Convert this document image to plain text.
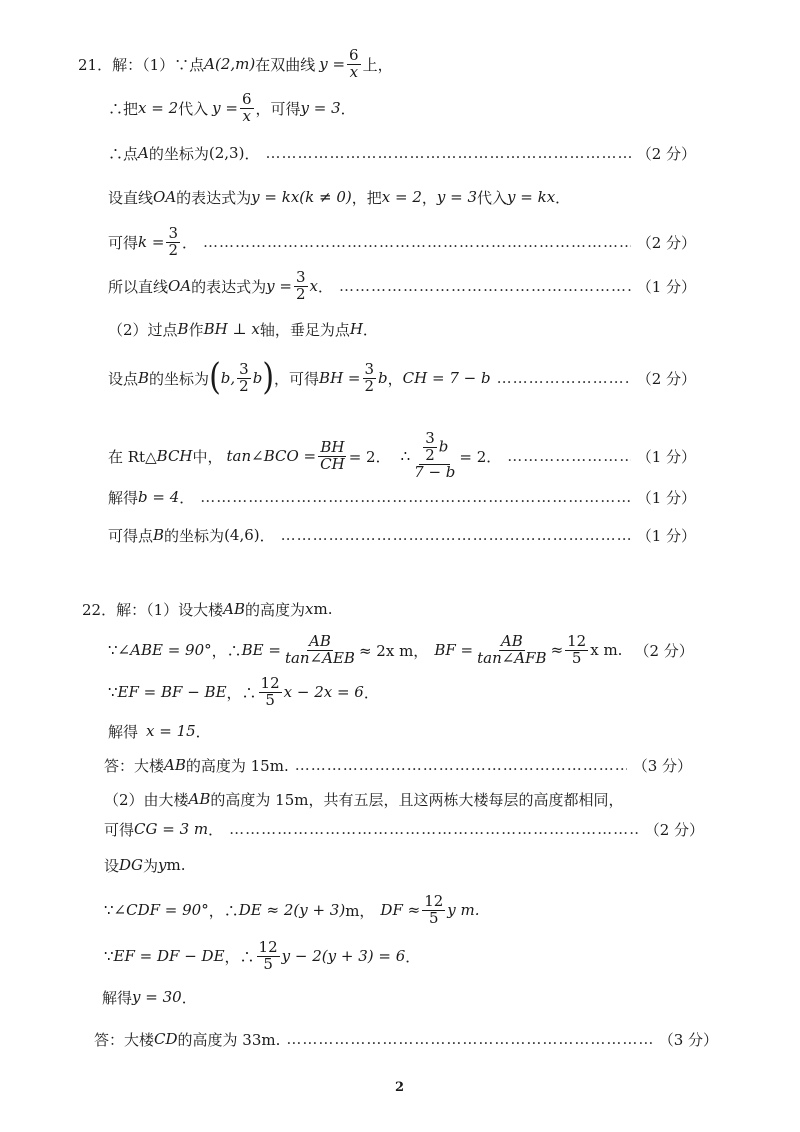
21． 解：（1）∵点 A(2,m) 在双曲线 $y = \frac{6}{x}$ 上，
∴把 x = 2 代入 $y = \frac{6}{x}$ ，可得 y = 3 ．
∴点 A 的坐标为 (2,3) ． …………………………………………………………………………………………………………………………………………………………………	（2 分）
设直线 OA 的表达式为 y = kx(k ≠ 0) ，把 x = 2 ， y = 3 代入 y = kx ．
可得 $k = \frac{3}{2}$ ． …………………………………………………………………………………………………………………………………………………………………	（2 分）
所以直线 OA 的表达式为 $y = \frac{3}{2}$ x ． …………………………………………………………………………………………………………………………………………………………………	（1 分）
（2）过点 B 作 BH ⊥ x 轴，垂足为点 H ．
设点 B 的坐标为 ( b, $\frac{3}{2}$ b ) ，可得 BH = $\frac{3}{2}$ b ， CH = 7 − b …………………………………………………………………………………………………………………………………………………………………	（2 分）
在 Rt△ BCH 中， tan∠BCO = $\frac{BH}{CH} = 2$． ∴ $\frac{\frac{3}{2} b}{7 - b} = 2$． …………………………………………………………………………………………………………………………………………………………………	（1 分）
解得 b = 4 ． …………………………………………………………………………………………………………………………………………………………………	（1 分）
可得点 B 的坐标为 (4,6) ． …………………………………………………………………………………………………………………………………………………………………	（1 分）
22． 解：（1）设大楼 AB 的高度为 x m.
∵ ∠ABE = 90° ，∴ BE = $\frac{AB}{\text{tan∠AEB}} \approx 2x$ m， BF = $\frac{AB}{\text{tan∠AFB}} \approx \frac{12}{5}$ x m. （2 分）
∵ EF = BF − BE ，∴ $\frac{12}{5}$ x − 2x = 6 ．
解得 x = 15 ．
答：大楼 AB 的高度为 15m. …………………………………………………………………………………………………………………………………………………………………	（3 分）
（2）由大楼 AB 的高度为 15m，共有五层，且这两栋大楼每层的高度都相同，
可得 CG = 3 m ． …………………………………………………………………………………………………………………………………………………………………	（2 分）
设 DG 为 y m.
∵ ∠CDF = 90° ，∴ DE ≈ 2(y + 3) m， DF ≈ $\frac{12}{5}$ y m.
∵ EF = DF − DE ，∴ $\frac{12}{5}$ y − 2(y + 3) = 6 ．
解得 y = 30 ．
答：大楼 CD 的高度为 33m. …………………………………………………………………………………………………………………………………………………………………	（3 分）
2
